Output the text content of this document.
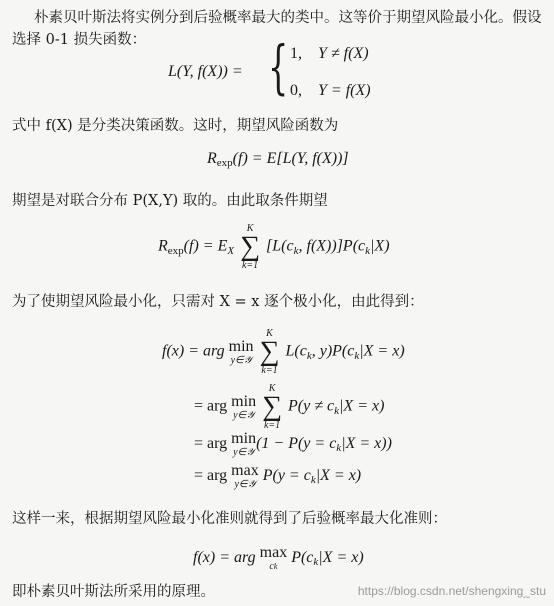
朴素贝叶斯法将实例分到后验概率最大的类中。这等价于期望风险最小化。假设
选择 0-1 损失函数：
L(Y, f(X)) = { 1, Y ≠ f(X)
0, Y = f(X)
式中 f(X) 是分类决策函数。这时，期望风险函数为
Rexp(f) = E[L(Y, f(X))]
期望是对联合分布 P(X,Y) 取的。由此取条件期望
Rexp(f) = EX
K
∑
k=1
[L(ck, f(X))]P(ck|X)
为了使期望风险最小化，只需对 X = x 逐个极小化，由此得到：
f(x) = arg min
y∈𝒴

K
∑
k=1
L(ck, y)P(ck|X = x)
= arg min
y∈𝒴

K
∑
k=1
P(y ≠ ck|X = x)
= arg min
y∈𝒴
(1 − P(y = ck|X = x))
= arg max
y∈𝒴
P(y = ck|X = x)
这样一来，根据期望风险最小化准则就得到了后验概率最大化准则：
f(x) = arg max
ck
P(ck|X = x)
即朴素贝叶斯法所采用的原理。	https://blog.csdn.net/shengxing_stu
